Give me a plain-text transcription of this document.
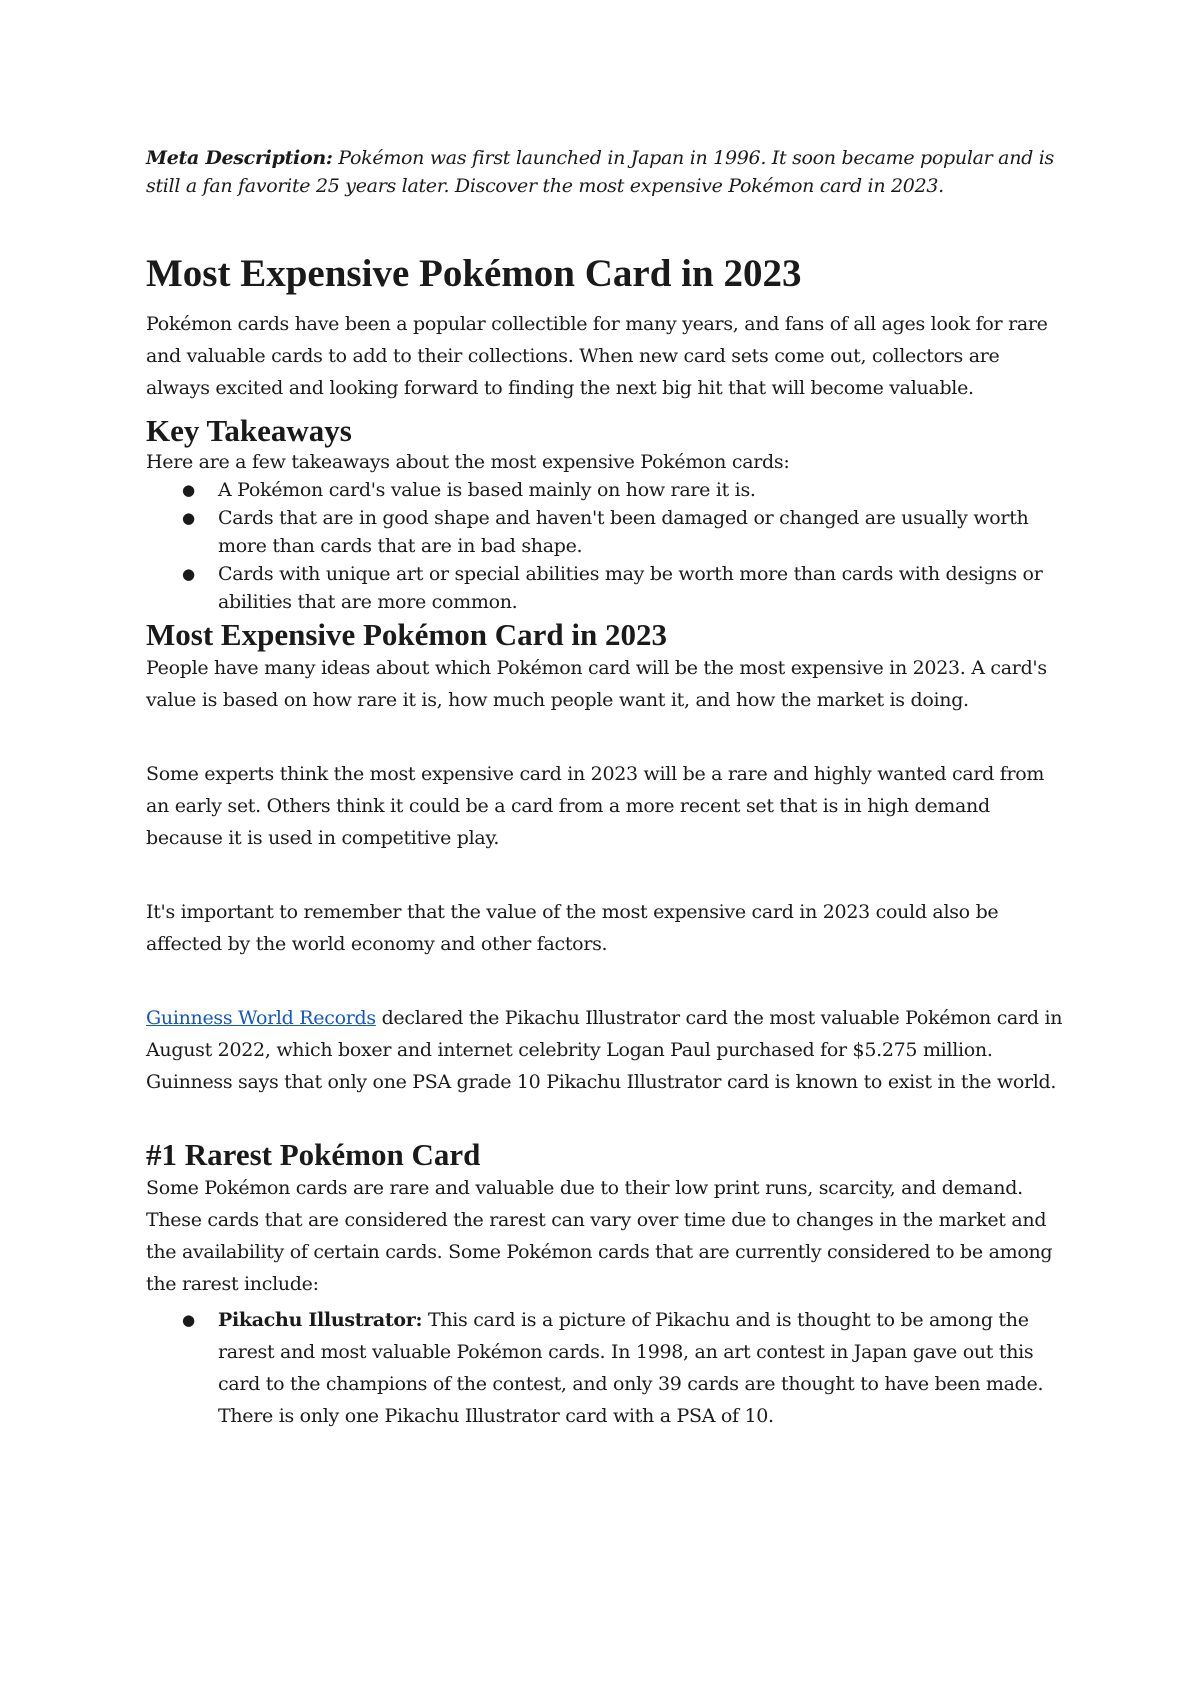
Meta Description: Pokémon was first launched in Japan in 1996. It soon became popular and is still a fan favorite 25 years later. Discover the most expensive Pokémon card in 2023.

Most Expensive Pokémon Card in 2023

Pokémon cards have been a popular collectible for many years, and fans of all ages look for rare and valuable cards to add to their collections. When new card sets come out, collectors are always excited and looking forward to finding the next big hit that will become valuable.

Key Takeaways

Here are a few takeaways about the most expensive Pokémon cards:

● A Pokémon card's value is based mainly on how rare it is.
● Cards that are in good shape and haven't been damaged or changed are usually worth more than cards that are in bad shape.
● Cards with unique art or special abilities may be worth more than cards with designs or abilities that are more common.
Most Expensive Pokémon Card in 2023

People have many ideas about which Pokémon card will be the most expensive in 2023. A card's value is based on how rare it is, how much people want it, and how the market is doing.

Some experts think the most expensive card in 2023 will be a rare and highly wanted card from an early set. Others think it could be a card from a more recent set that is in high demand because it is used in competitive play.

It's important to remember that the value of the most expensive card in 2023 could also be affected by the world economy and other factors.

Guinness World Records declared the Pikachu Illustrator card the most valuable Pokémon card in August 2022, which boxer and internet celebrity Logan Paul purchased for $5.275 million. Guinness says that only one PSA grade 10 Pikachu Illustrator card is known to exist in the world.

#1 Rarest Pokémon Card

Some Pokémon cards are rare and valuable due to their low print runs, scarcity, and demand. These cards that are considered the rarest can vary over time due to changes in the market and the availability of certain cards. Some Pokémon cards that are currently considered to be among the rarest include:

● Pikachu Illustrator: This card is a picture of Pikachu and is thought to be among the rarest and most valuable Pokémon cards. In 1998, an art contest in Japan gave out this card to the champions of the contest, and only 39 cards are thought to have been made. There is only one Pikachu Illustrator card with a PSA of 10.
